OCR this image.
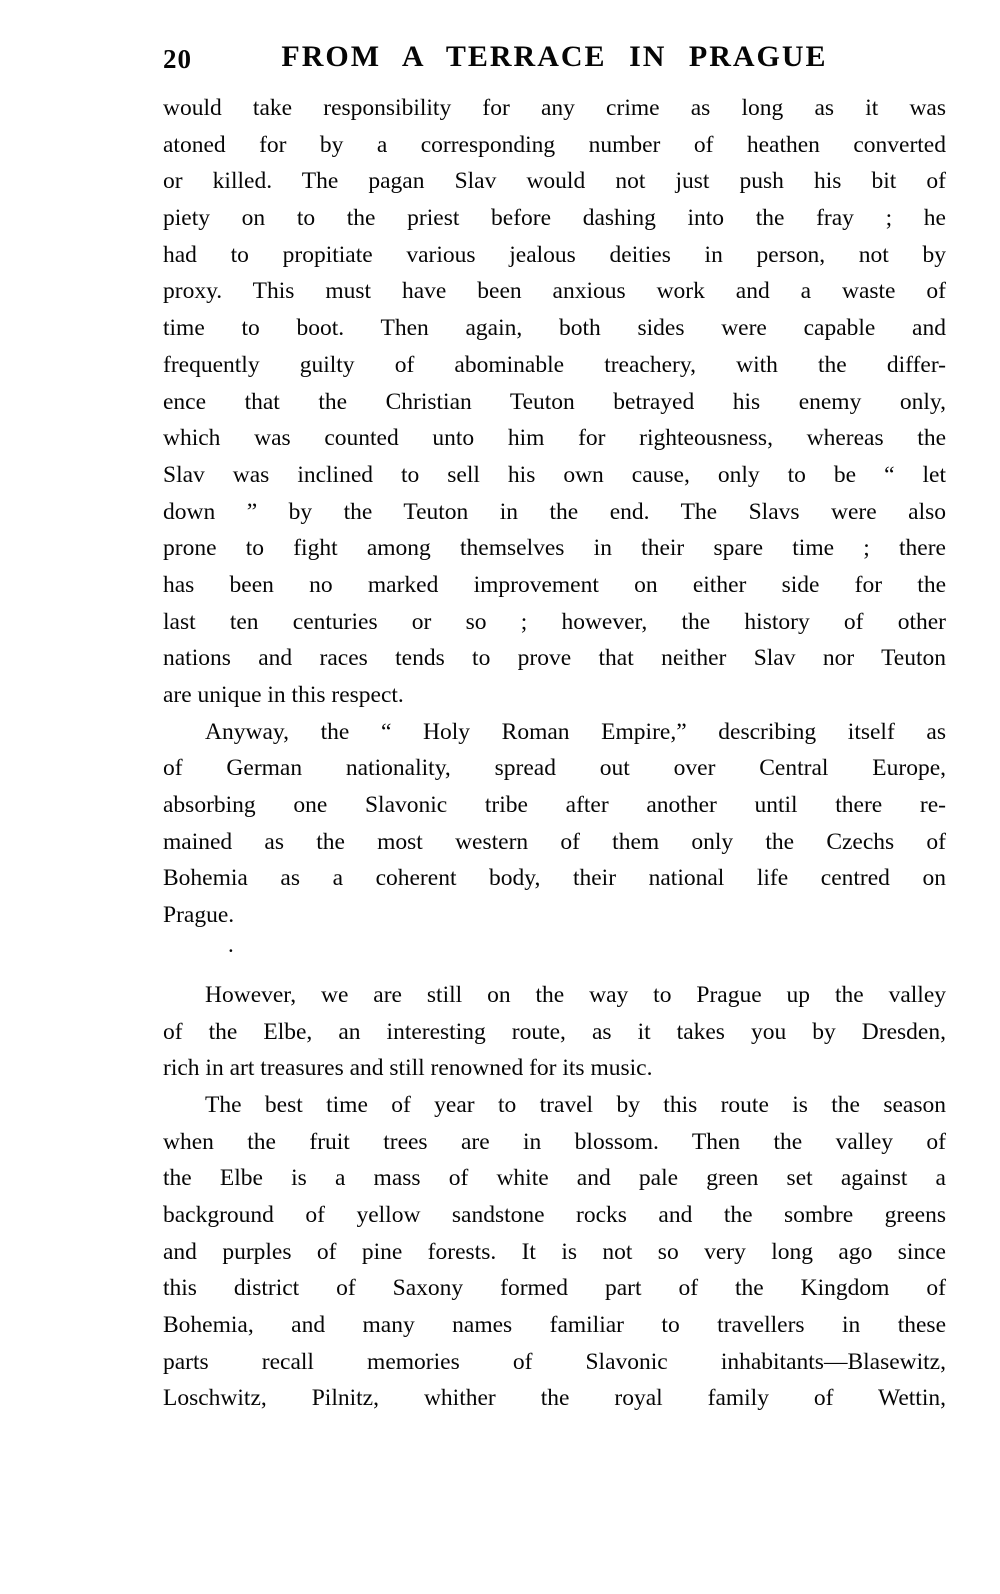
20	FROM A TERRACE IN PRAGUE
would take responsibility for any crime as long as it was
atoned for by a corresponding number of heathen converted
or killed. The pagan Slav would not just push his bit of
piety on to the priest before dashing into the fray ; he
had to propitiate various jealous deities in person, not by
proxy. This must have been anxious work and a waste of
time to boot. Then again, both sides were capable and
frequently guilty of abominable treachery, with the differ-
ence that the Christian Teuton betrayed his enemy only,
which was counted unto him for righteousness, whereas the
Slav was inclined to sell his own cause, only to be “ let
down ” by the Teuton in the end. The Slavs were also
prone to fight among themselves in their spare time ; there
has been no marked improvement on either side for the
last ten centuries or so ; however, the history of other
nations and races tends to prove that neither Slav nor Teuton
are unique in this respect.
Anyway, the “ Holy Roman Empire,” describing itself as
of German nationality, spread out over Central Europe,
absorbing one Slavonic tribe after another until there re-
mained as the most western of them only the Czechs of
Bohemia as a coherent body, their national life centred on
Prague.
However, we are still on the way to Prague up the valley
of the Elbe, an interesting route, as it takes you by Dresden,
rich in art treasures and still renowned for its music.
The best time of year to travel by this route is the season
when the fruit trees are in blossom. Then the valley of
the Elbe is a mass of white and pale green set against a
background of yellow sandstone rocks and the sombre greens
and purples of pine forests. It is not so very long ago since
this district of Saxony formed part of the Kingdom of
Bohemia, and many names familiar to travellers in these
parts recall memories of Slavonic inhabitants—Blasewitz,
Loschwitz, Pilnitz, whither the royal family of Wettin,
.
